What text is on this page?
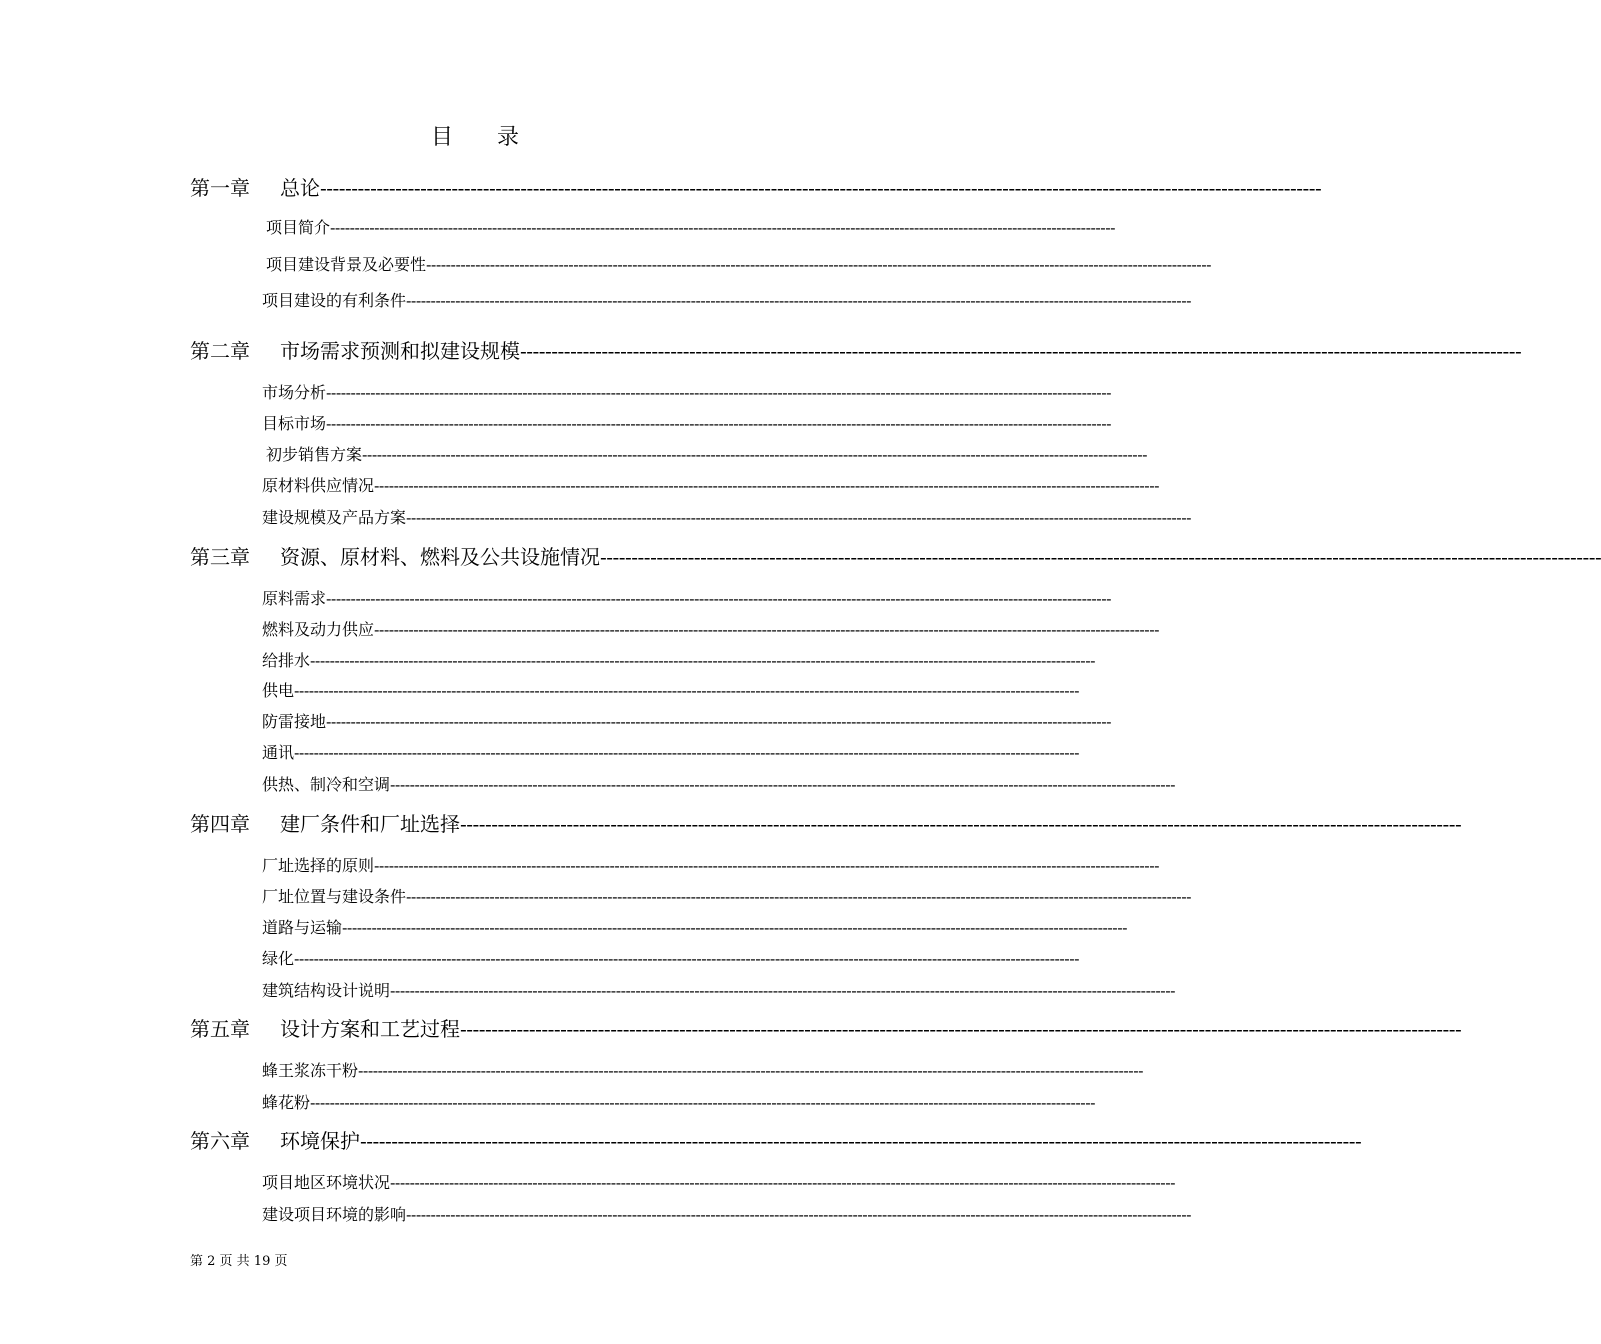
目 录
第一章 总论 ----------------------------------------------------------------------------------------------------------------------------------------------------------------
项目简介 ----------------------------------------------------------------------------------------------------------------------------------------------------------------
项目建设背景及必要性 ----------------------------------------------------------------------------------------------------------------------------------------------------------------
项目建设的有利条件 ----------------------------------------------------------------------------------------------------------------------------------------------------------------
第二章 市场需求预测和拟建设规模 ----------------------------------------------------------------------------------------------------------------------------------------------------------------
市场分析 ----------------------------------------------------------------------------------------------------------------------------------------------------------------
目标市场 ----------------------------------------------------------------------------------------------------------------------------------------------------------------
初步销售方案 ----------------------------------------------------------------------------------------------------------------------------------------------------------------
原材料供应情况 ----------------------------------------------------------------------------------------------------------------------------------------------------------------
建设规模及产品方案 ----------------------------------------------------------------------------------------------------------------------------------------------------------------
第三章 资源、原材料、燃料及公共设施情况 ----------------------------------------------------------------------------------------------------------------------------------------------------------------
原料需求 ----------------------------------------------------------------------------------------------------------------------------------------------------------------
燃料及动力供应 ----------------------------------------------------------------------------------------------------------------------------------------------------------------
给排水 ----------------------------------------------------------------------------------------------------------------------------------------------------------------
供电 ----------------------------------------------------------------------------------------------------------------------------------------------------------------
防雷接地 ----------------------------------------------------------------------------------------------------------------------------------------------------------------
通讯 ----------------------------------------------------------------------------------------------------------------------------------------------------------------
供热、制冷和空调 ----------------------------------------------------------------------------------------------------------------------------------------------------------------
第四章 建厂条件和厂址选择 ----------------------------------------------------------------------------------------------------------------------------------------------------------------
厂址选择的原则 ----------------------------------------------------------------------------------------------------------------------------------------------------------------
厂址位置与建设条件 ----------------------------------------------------------------------------------------------------------------------------------------------------------------
道路与运输 ----------------------------------------------------------------------------------------------------------------------------------------------------------------
绿化 ----------------------------------------------------------------------------------------------------------------------------------------------------------------
建筑结构设计说明 ----------------------------------------------------------------------------------------------------------------------------------------------------------------
第五章 设计方案和工艺过程 ----------------------------------------------------------------------------------------------------------------------------------------------------------------
蜂王浆冻干粉 ----------------------------------------------------------------------------------------------------------------------------------------------------------------
蜂花粉 ----------------------------------------------------------------------------------------------------------------------------------------------------------------
第六章 环境保护 ----------------------------------------------------------------------------------------------------------------------------------------------------------------
项目地区环境状况 ----------------------------------------------------------------------------------------------------------------------------------------------------------------
建设项目环境的影响 ----------------------------------------------------------------------------------------------------------------------------------------------------------------
第 2 页 共 19 页
